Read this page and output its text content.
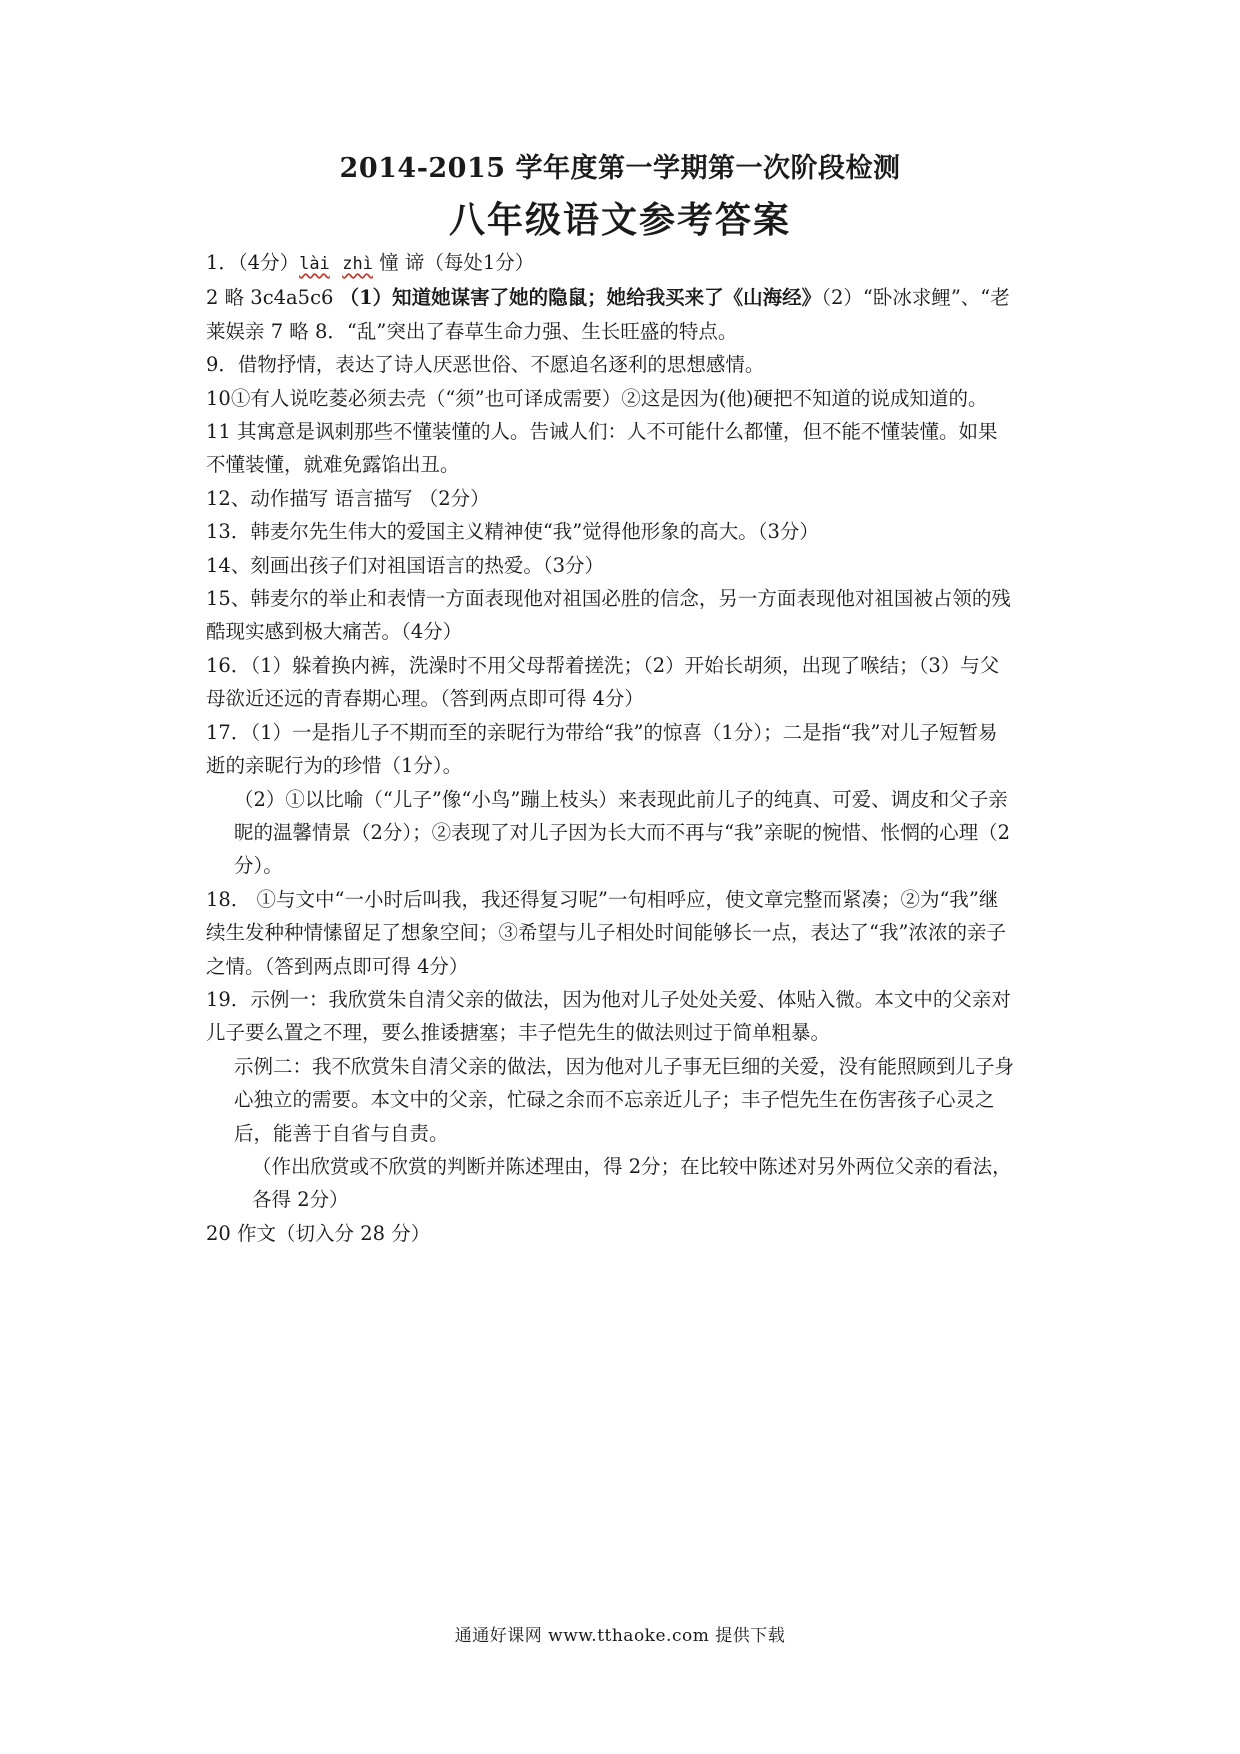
2014-2015 学年度第一学期第一次阶段检测
八年级语文参考答案

1．（4分）lài zhì 憧 谛（每处1分）

2 略 3c4a5c6 （1）知道她谋害了她的隐鼠；她给我买来了《山海经》（2）“卧冰求鲤”、“老莱娱亲 7 略 8．“乱”突出了春草生命力强、生长旺盛的特点。

9．借物抒情，表达了诗人厌恶世俗、不愿追名逐利的思想感情。

10①有人说吃菱必须去壳（“须”也可译成需要）②这是因为(他)硬把不知道的说成知道的。

11 其寓意是讽刺那些不懂装懂的人。告诫人们：人不可能什么都懂，但不能不懂装懂。如果不懂装懂，就难免露馅出丑。

12、动作描写 语言描写 （2分）

13．韩麦尔先生伟大的爱国主义精神使“我”觉得他形象的高大。（3分）

14、刻画出孩子们对祖国语言的热爱。（3分）

15、韩麦尔的举止和表情一方面表现他对祖国必胜的信念，另一方面表现他对祖国被占领的残酷现实感到极大痛苦。（4分）

16．（1）躲着换内裤，洗澡时不用父母帮着搓洗；（2）开始长胡须，出现了喉结；（3）与父母欲近还远的青春期心理。（答到两点即可得 4分）

17．（1）一是指儿子不期而至的亲昵行为带给“我”的惊喜（1分）；二是指“我”对儿子短暂易逝的亲昵行为的珍惜（1分）。

（2）①以比喻（“儿子”像“小鸟”蹦上枝头）来表现此前儿子的纯真、可爱、调皮和父子亲昵的温馨情景（2分）；②表现了对儿子因为长大而不再与“我”亲昵的惋惜、怅惘的心理（2分）。

18． ①与文中“一小时后叫我，我还得复习呢”一句相呼应，使文章完整而紧凑；②为“我”继续生发种种情愫留足了想象空间；③希望与儿子相处时间能够长一点，表达了“我”浓浓的亲子之情。（答到两点即可得 4分）

19．示例一：我欣赏朱自清父亲的做法，因为他对儿子处处关爱、体贴入微。本文中的父亲对儿子要么置之不理，要么推诿搪塞；丰子恺先生的做法则过于简单粗暴。

示例二：我不欣赏朱自清父亲的做法，因为他对儿子事无巨细的关爱，没有能照顾到儿子身心独立的需要。本文中的父亲，忙碌之余而不忘亲近儿子；丰子恺先生在伤害孩子心灵之后，能善于自省与自责。

（作出欣赏或不欣赏的判断并陈述理由，得 2分；在比较中陈述对另外两位父亲的看法，各得 2分）

20 作文（切入分 28 分）

通通好课网 www.tthaoke.com 提供下载
